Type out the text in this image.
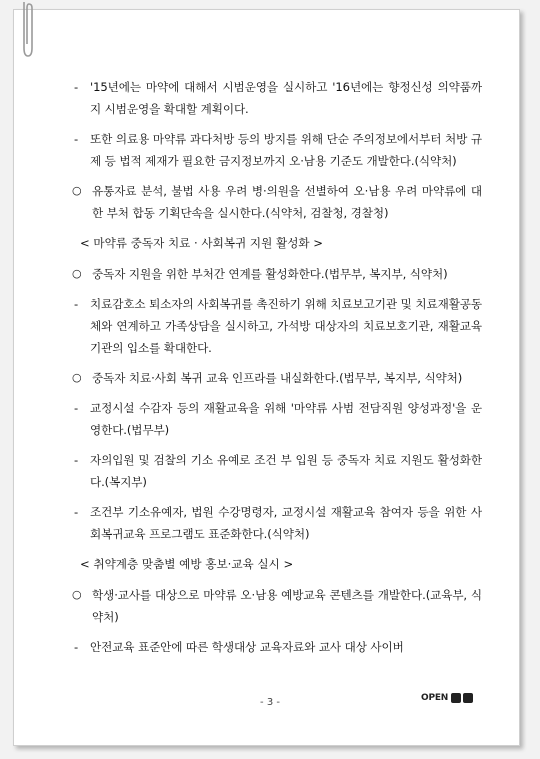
- '15년에는 마약에 대해서 시범운영을 실시하고 '16년에는 향정신성 의약품까지 시범운영을 확대할 계획이다.

- 또한 의료용 마약류 과다처방 등의 방지를 위해 단순 주의정보에서부터 처방 규제 등 법적 제재가 필요한 금지정보까지 오·남용 기준도 개발한다.(식약처)

○ 유통자료 분석, 불법 사용 우려 병·의원을 선별하여 오·남용 우려 마약류에 대한 부처 합동 기획단속을 실시한다.(식약처, 검찰청, 경찰청)

< 마약류 중독자 치료 · 사회복귀 지원 활성화 >
○ 중독자 지원을 위한 부처간 연계를 활성화한다.(법무부, 복지부, 식약처)

- 치료감호소 퇴소자의 사회복귀를 촉진하기 위해 치료보고기관 및 치료재활공동체와 연계하고 가족상담을 실시하고, 가석방 대상자의 치료보호기관, 재활교육기관의 입소를 확대한다.

○ 중독자 치료·사회 복귀 교육 인프라를 내실화한다.(법무부, 복지부, 식약처)

- 교정시설 수감자 등의 재활교육을 위해 '마약류 사범 전담직원 양성과정'을 운영한다.(법무부)

- 자의입원 및 검찰의 기소 유예로 조건 부 입원 등 중독자 치료 지원도 활성화한다.(복지부)

- 조건부 기소유예자, 법원 수강명령자, 교정시설 재활교육 참여자 등을 위한 사회복귀교육 프로그램도 표준화한다.(식약처)

< 취약계층 맞춤별 예방 홍보·교육 실시 >
○ 학생·교사를 대상으로 마약류 오·남용 예방교육 콘텐츠를 개발한다.(교육부, 식약처)

- 안전교육 표준안에 따른 학생대상 교육자료와 교사 대상 사이버

- 3 -	OPEN
